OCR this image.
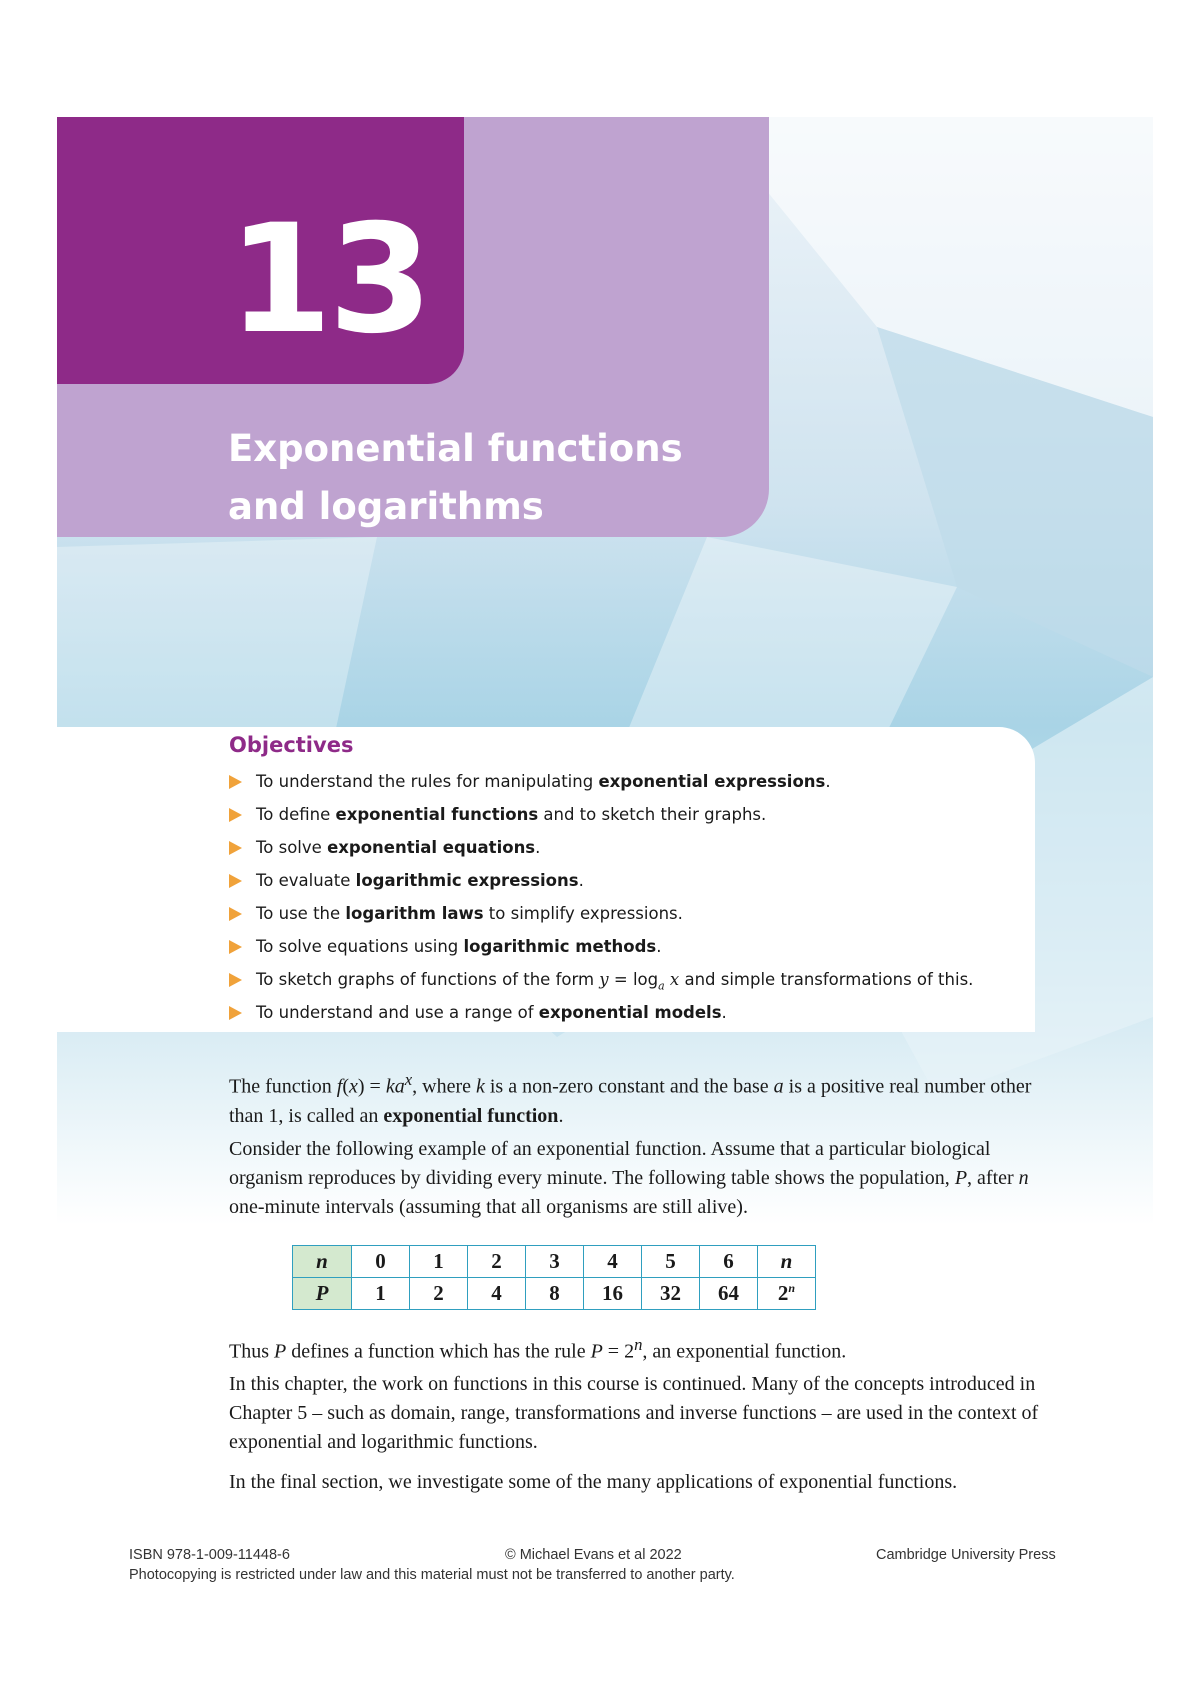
13
Exponential functions
and logarithms
Objectives
To understand the rules for manipulating exponential expressions.
To define exponential functions and to sketch their graphs.
To solve exponential equations.
To evaluate logarithmic expressions.
To use the logarithm laws to simplify expressions.
To solve equations using logarithmic methods.
To sketch graphs of functions of the form $y = \log_a x$ and simple transformations of this.
To understand and use a range of exponential models.
The function $f(x) = ka^x$, where k is a non-zero constant and the base a is a positive real number other than 1, is called an exponential function.
Consider the following example of an exponential function. Assume that a particular biological organism reproduces by dividing every minute. The following table shows the population, P, after n one-minute intervals (assuming that all organisms are still alive).
n	0	1	2	3	4	5	6	n
P	1	2	4	8	16	32	64	2$^n$
Thus P defines a function which has the rule $P = 2^n$, an exponential function.
In this chapter, the work on functions in this course is continued. Many of the concepts introduced in Chapter 5 – such as domain, range, transformations and inverse functions – are used in the context of exponential and logarithmic functions.
In the final section, we investigate some of the many applications of exponential functions.
ISBN 978-1-009-11448-6	© Michael Evans et al 2022	Cambridge University Press
Photocopying is restricted under law and this material must not be transferred to another party.
